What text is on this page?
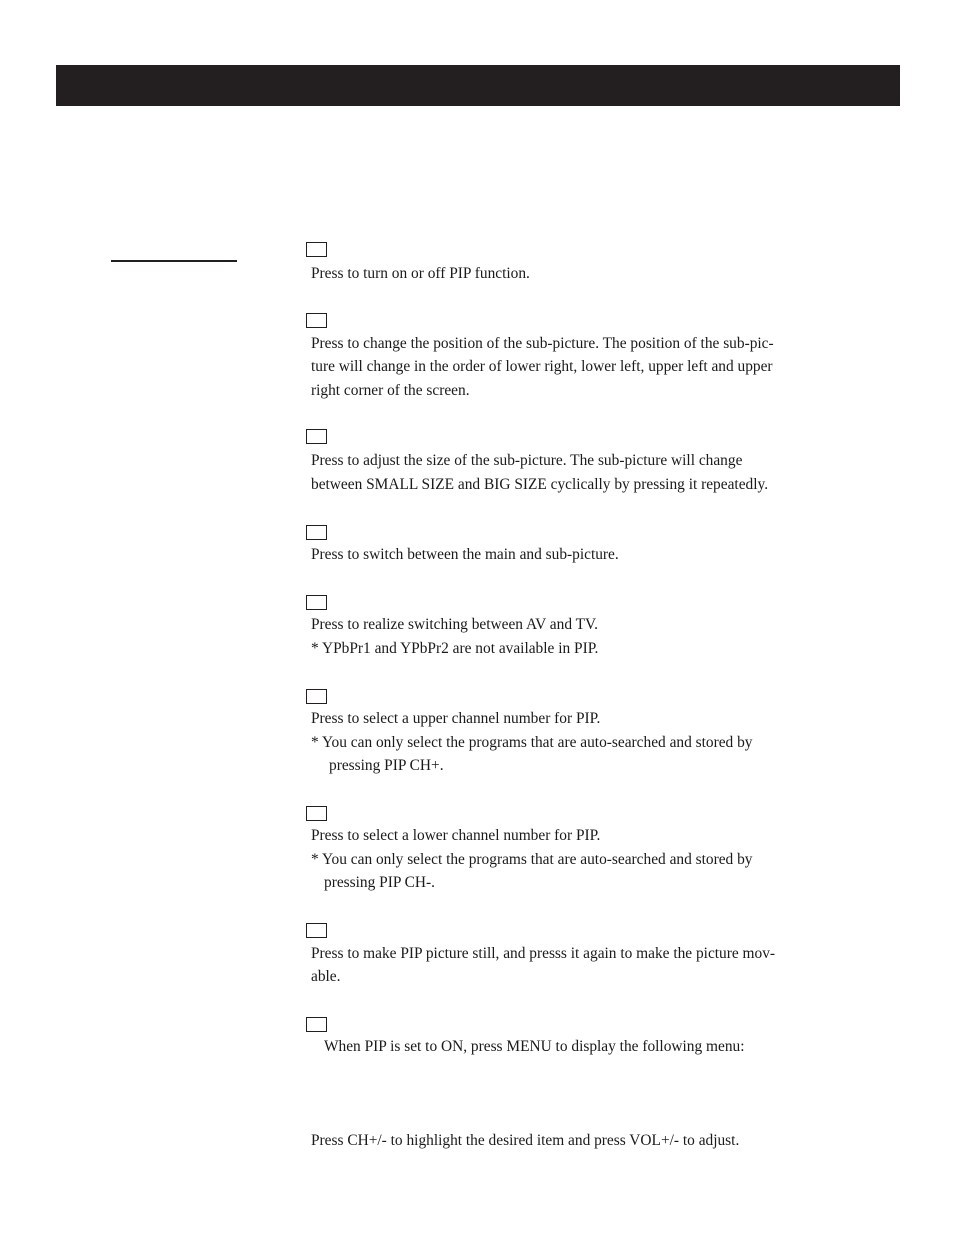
Press to turn on or off PIP function.
Press to change the position of the sub-picture. The position of the sub-pic-
ture will change in the order of lower right, lower left, upper left and upper
right corner of the screen.
Press to adjust the size of the sub-picture. The sub-picture will change
between SMALL SIZE and BIG SIZE cyclically by pressing it repeatedly.
Press to switch between the main and sub-picture.
Press to realize switching between AV and TV.
* YPbPr1 and YPbPr2 are not available in PIP.
Press to select a upper channel number for PIP.
* You can only select the programs that are auto-searched and stored by
pressing PIP CH+.
Press to select a lower channel number for PIP.
* You can only select the programs that are auto-searched and stored by
pressing PIP CH-.
Press to make PIP picture still, and presss it again to make the picture mov-
able.
When PIP is set to ON, press MENU to display the following menu:
Press CH+/- to highlight the desired item and press VOL+/- to adjust.
